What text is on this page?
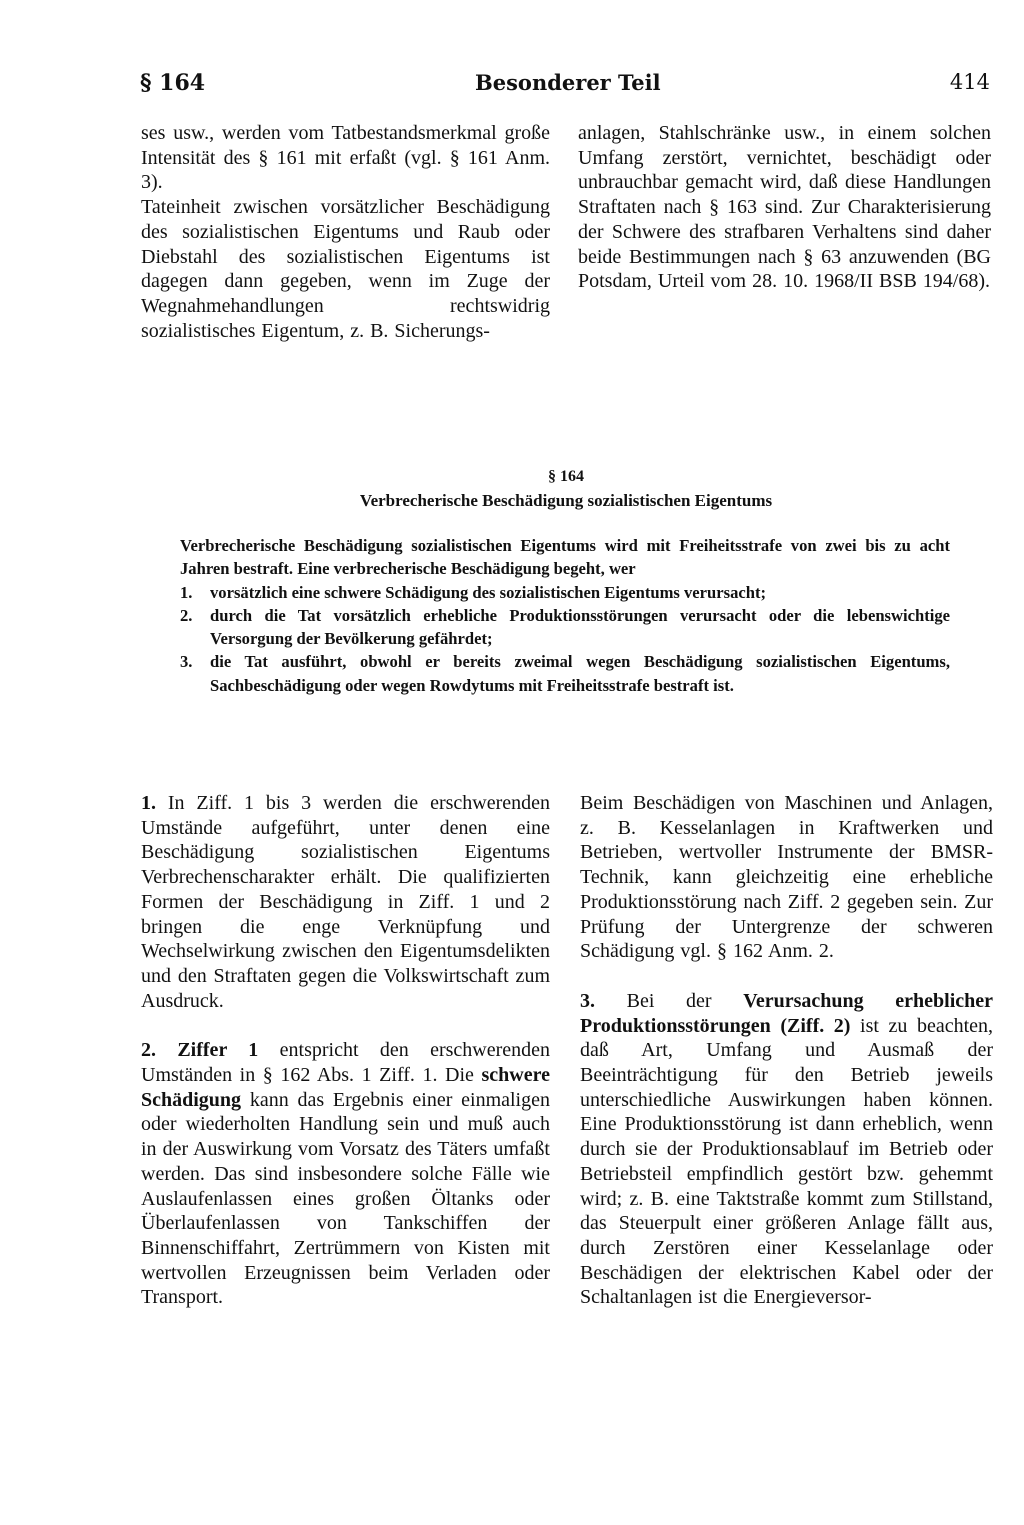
§ 164	Besonderer Teil	414

ses usw., werden vom Tatbestandsmerkmal große Intensität des § 161 mit erfaßt (vgl. § 161 Anm. 3).

Tateinheit zwischen vorsätzlicher Beschädigung des sozialistischen Eigentums und Raub oder Diebstahl des sozialistischen Eigentums ist dagegen dann gegeben, wenn im Zuge der Wegnahmehandlungen rechtswidrig sozialistisches Eigentum, z. B. Sicherungs-

anlagen, Stahlschränke usw., in einem solchen Umfang zerstört, vernichtet, beschädigt oder unbrauchbar gemacht wird, daß diese Handlungen Straftaten nach § 163 sind. Zur Charakterisierung der Schwere des strafbaren Verhaltens sind daher beide Bestimmungen nach § 63 anzuwenden (BG Potsdam, Urteil vom 28. 10. 1968/II BSB 194/68).

§ 164
Verbrecherische Beschädigung sozialistischen Eigentums

Verbrecherische Beschädigung sozialistischen Eigentums wird mit Freiheitsstrafe von zwei bis zu acht Jahren bestraft. Eine verbrecherische Beschädigung begeht, wer

1. vorsätzlich eine schwere Schädigung des sozialistischen Eigentums verursacht;
2. durch die Tat vorsätzlich erhebliche Produktionsstörungen verursacht oder die lebenswichtige Versorgung der Bevölkerung gefährdet;
3. die Tat ausführt, obwohl er bereits zweimal wegen Beschädigung sozialistischen Eigentums, Sachbeschädigung oder wegen Rowdytums mit Freiheitsstrafe bestraft ist.

1. In Ziff. 1 bis 3 werden die erschwerenden Umstände aufgeführt, unter denen eine Beschädigung sozialistischen Eigentums Verbrechenscharakter erhält. Die qualifizierten Formen der Beschädigung in Ziff. 1 und 2 bringen die enge Verknüpfung und Wechselwirkung zwischen den Eigentumsdelikten und den Straftaten gegen die Volkswirtschaft zum Ausdruck.

2. Ziffer 1 entspricht den erschwerenden Umständen in § 162 Abs. 1 Ziff. 1. Die schwere Schädigung kann das Ergebnis einer einmaligen oder wiederholten Handlung sein und muß auch in der Auswirkung vom Vorsatz des Täters umfaßt werden. Das sind insbesondere solche Fälle wie Auslaufenlassen eines großen Öltanks oder Überlaufenlassen von Tankschiffen der Binnenschiffahrt, Zertrümmern von Kisten mit wertvollen Erzeugnissen beim Verladen oder Transport.

Beim Beschädigen von Maschinen und Anlagen, z. B. Kesselanlagen in Kraftwerken und Betrieben, wertvoller Instrumente der BMSR-Technik, kann gleichzeitig eine erhebliche Produktionsstörung nach Ziff. 2 gegeben sein. Zur Prüfung der Untergrenze der schweren Schädigung vgl. § 162 Anm. 2.

3. Bei der Verursachung erheblicher Produktionsstörungen (Ziff. 2) ist zu beachten, daß Art, Umfang und Ausmaß der Beeinträchtigung für den Betrieb jeweils unterschiedliche Auswirkungen haben können. Eine Produktionsstörung ist dann erheblich, wenn durch sie der Produktionsablauf im Betrieb oder Betriebsteil empfindlich gestört bzw. gehemmt wird; z. B. eine Taktstraße kommt zum Stillstand, das Steuerpult einer größeren Anlage fällt aus, durch Zerstören einer Kesselanlage oder Beschädigen der elektrischen Kabel oder der Schaltanlagen ist die Energieversor-
